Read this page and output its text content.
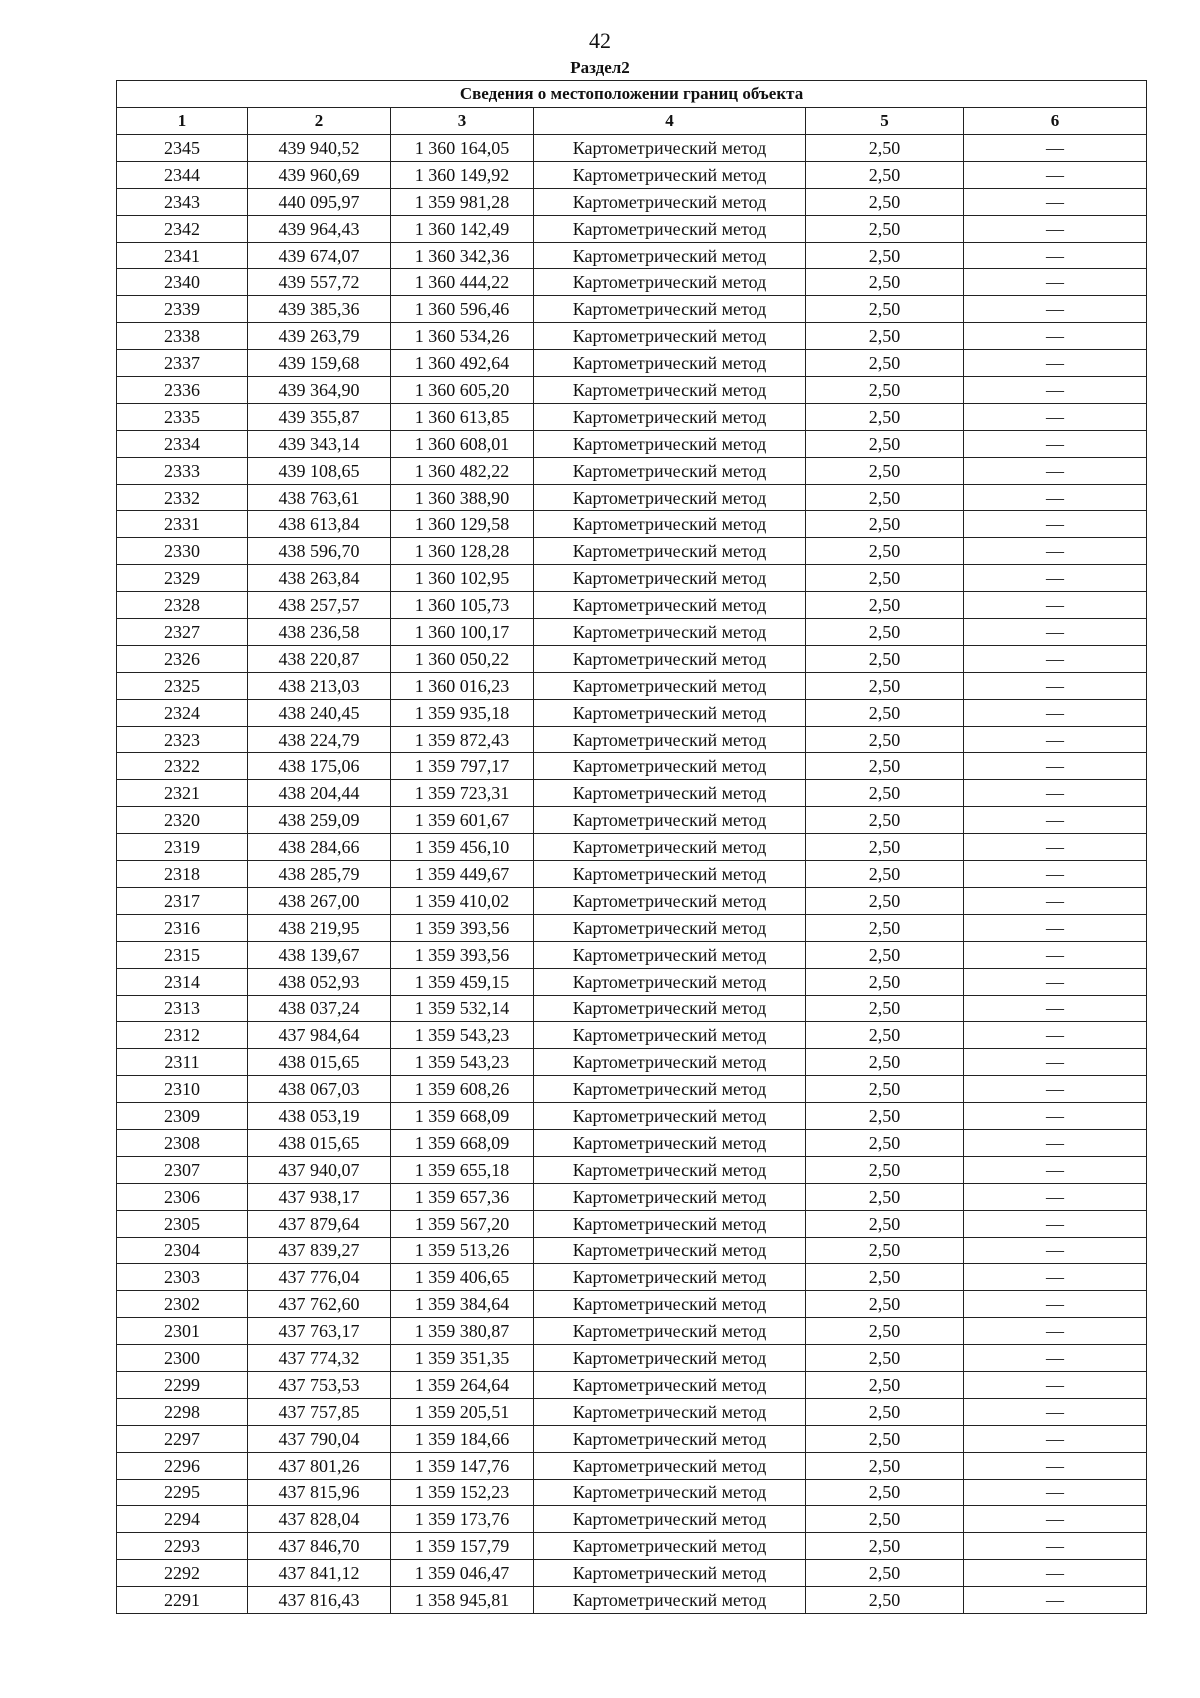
42
Раздел2
Сведения о местоположении границ объекта					
1	2	3	4	5	6
2345	439 940,52	1 360 164,05	Картометрический метод	2,50	—
2344	439 960,69	1 360 149,92	Картометрический метод	2,50	—
2343	440 095,97	1 359 981,28	Картометрический метод	2,50	—
2342	439 964,43	1 360 142,49	Картометрический метод	2,50	—
2341	439 674,07	1 360 342,36	Картометрический метод	2,50	—
2340	439 557,72	1 360 444,22	Картометрический метод	2,50	—
2339	439 385,36	1 360 596,46	Картометрический метод	2,50	—
2338	439 263,79	1 360 534,26	Картометрический метод	2,50	—
2337	439 159,68	1 360 492,64	Картометрический метод	2,50	—
2336	439 364,90	1 360 605,20	Картометрический метод	2,50	—
2335	439 355,87	1 360 613,85	Картометрический метод	2,50	—
2334	439 343,14	1 360 608,01	Картометрический метод	2,50	—
2333	439 108,65	1 360 482,22	Картометрический метод	2,50	—
2332	438 763,61	1 360 388,90	Картометрический метод	2,50	—
2331	438 613,84	1 360 129,58	Картометрический метод	2,50	—
2330	438 596,70	1 360 128,28	Картометрический метод	2,50	—
2329	438 263,84	1 360 102,95	Картометрический метод	2,50	—
2328	438 257,57	1 360 105,73	Картометрический метод	2,50	—
2327	438 236,58	1 360 100,17	Картометрический метод	2,50	—
2326	438 220,87	1 360 050,22	Картометрический метод	2,50	—
2325	438 213,03	1 360 016,23	Картометрический метод	2,50	—
2324	438 240,45	1 359 935,18	Картометрический метод	2,50	—
2323	438 224,79	1 359 872,43	Картометрический метод	2,50	—
2322	438 175,06	1 359 797,17	Картометрический метод	2,50	—
2321	438 204,44	1 359 723,31	Картометрический метод	2,50	—
2320	438 259,09	1 359 601,67	Картометрический метод	2,50	—
2319	438 284,66	1 359 456,10	Картометрический метод	2,50	—
2318	438 285,79	1 359 449,67	Картометрический метод	2,50	—
2317	438 267,00	1 359 410,02	Картометрический метод	2,50	—
2316	438 219,95	1 359 393,56	Картометрический метод	2,50	—
2315	438 139,67	1 359 393,56	Картометрический метод	2,50	—
2314	438 052,93	1 359 459,15	Картометрический метод	2,50	—
2313	438 037,24	1 359 532,14	Картометрический метод	2,50	—
2312	437 984,64	1 359 543,23	Картометрический метод	2,50	—
2311	438 015,65	1 359 543,23	Картометрический метод	2,50	—
2310	438 067,03	1 359 608,26	Картометрический метод	2,50	—
2309	438 053,19	1 359 668,09	Картометрический метод	2,50	—
2308	438 015,65	1 359 668,09	Картометрический метод	2,50	—
2307	437 940,07	1 359 655,18	Картометрический метод	2,50	—
2306	437 938,17	1 359 657,36	Картометрический метод	2,50	—
2305	437 879,64	1 359 567,20	Картометрический метод	2,50	—
2304	437 839,27	1 359 513,26	Картометрический метод	2,50	—
2303	437 776,04	1 359 406,65	Картометрический метод	2,50	—
2302	437 762,60	1 359 384,64	Картометрический метод	2,50	—
2301	437 763,17	1 359 380,87	Картометрический метод	2,50	—
2300	437 774,32	1 359 351,35	Картометрический метод	2,50	—
2299	437 753,53	1 359 264,64	Картометрический метод	2,50	—
2298	437 757,85	1 359 205,51	Картометрический метод	2,50	—
2297	437 790,04	1 359 184,66	Картометрический метод	2,50	—
2296	437 801,26	1 359 147,76	Картометрический метод	2,50	—
2295	437 815,96	1 359 152,23	Картометрический метод	2,50	—
2294	437 828,04	1 359 173,76	Картометрический метод	2,50	—
2293	437 846,70	1 359 157,79	Картометрический метод	2,50	—
2292	437 841,12	1 359 046,47	Картометрический метод	2,50	—
2291	437 816,43	1 358 945,81	Картометрический метод	2,50	—
